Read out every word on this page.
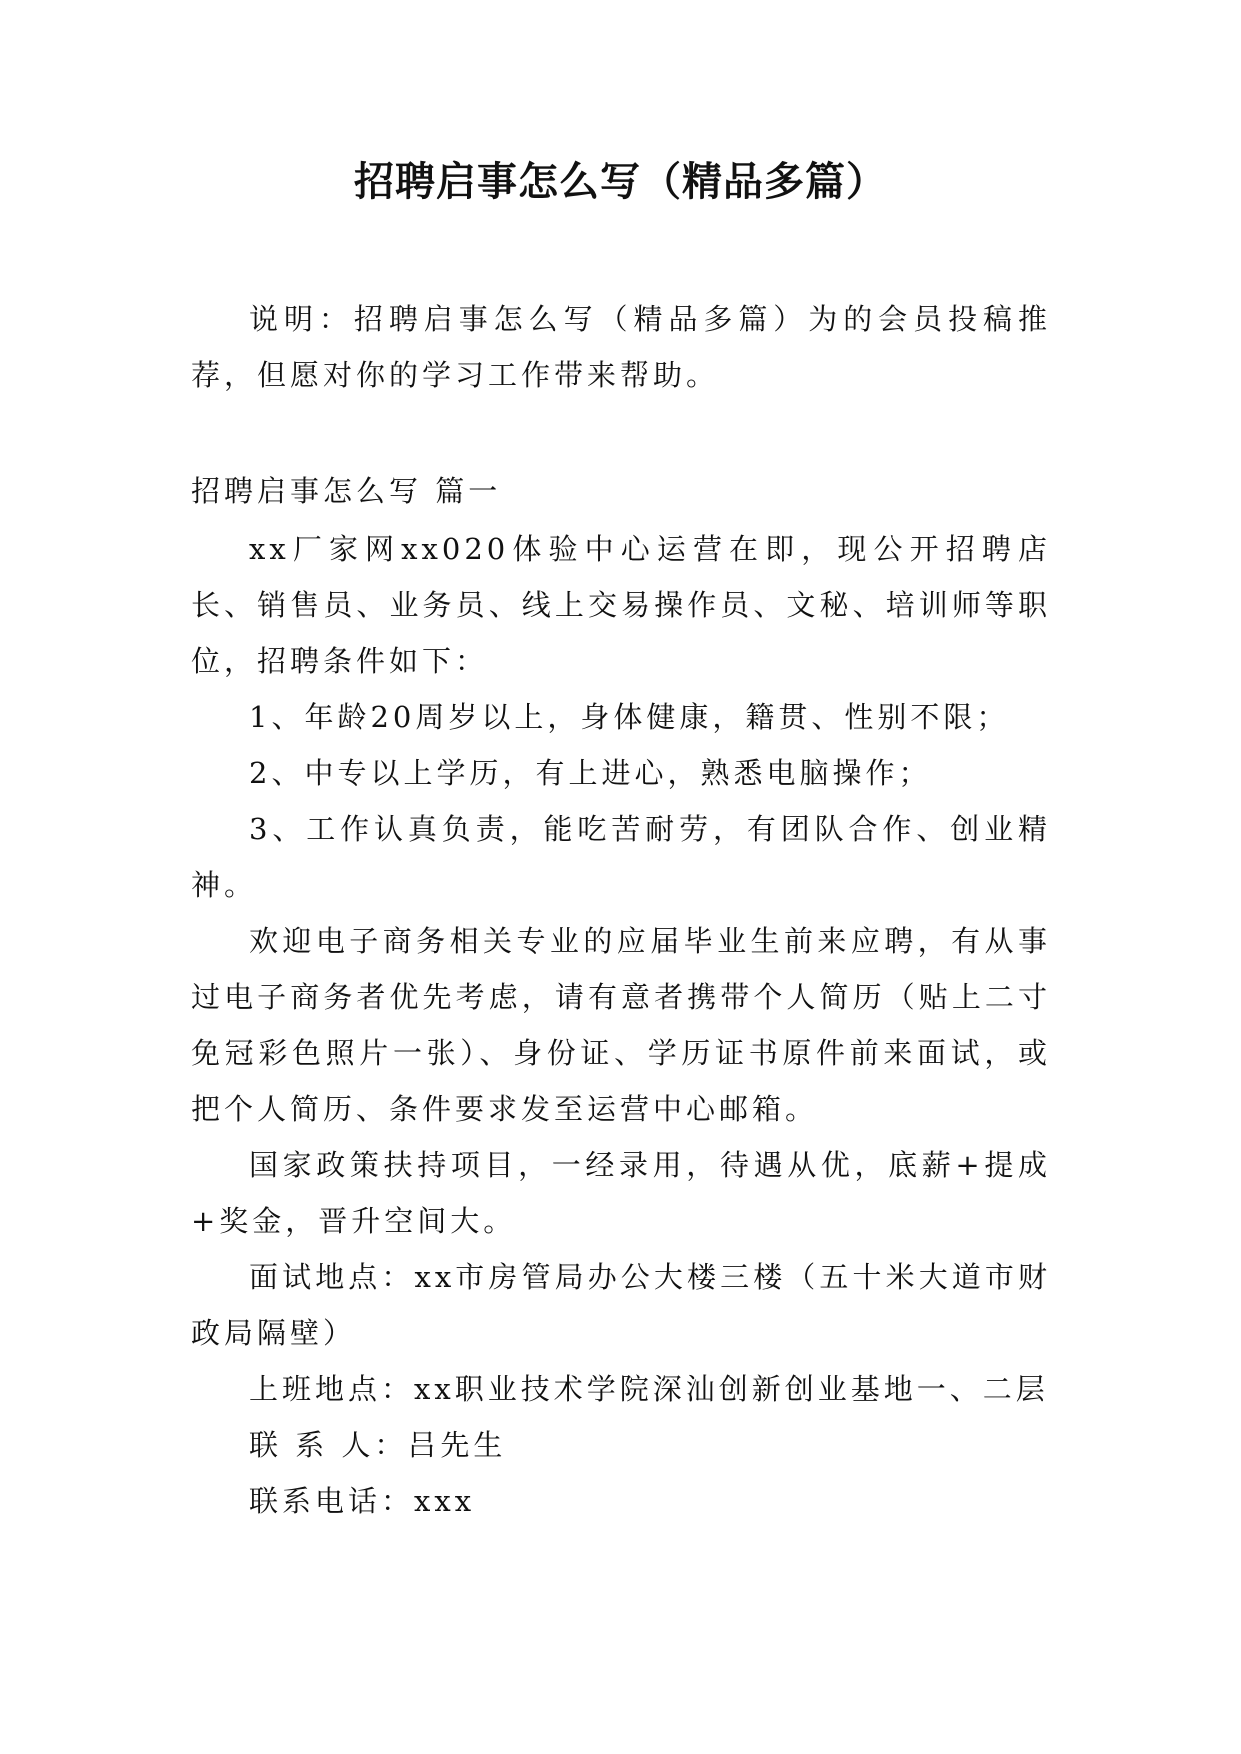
招聘启事怎么写（精品多篇）

说明：招聘启事怎么写（精品多篇）为的会员投稿推荐，但愿对你的学习工作带来帮助。

招聘启事怎么写 篇一

xx厂家网xx020体验中心运营在即，现公开招聘店长、销售员、业务员、线上交易操作员、文秘、培训师等职位，招聘条件如下：

1、年龄20周岁以上，身体健康，籍贯、性别不限；

2、中专以上学历，有上进心，熟悉电脑操作；

3、工作认真负责，能吃苦耐劳，有团队合作、创业精神。

欢迎电子商务相关专业的应届毕业生前来应聘，有从事过电子商务者优先考虑，请有意者携带个人简历（贴上二寸免冠彩色照片一张）、身份证、学历证书原件前来面试，或把个人简历、条件要求发至运营中心邮箱。

国家政策扶持项目，一经录用，待遇从优，底薪+提成+奖金，晋升空间大。

面试地点：xx市房管局办公大楼三楼（五十米大道市财政局隔壁）

上班地点：xx职业技术学院深汕创新创业基地一、二层

联 系 人：吕先生

联系电话：xxx
